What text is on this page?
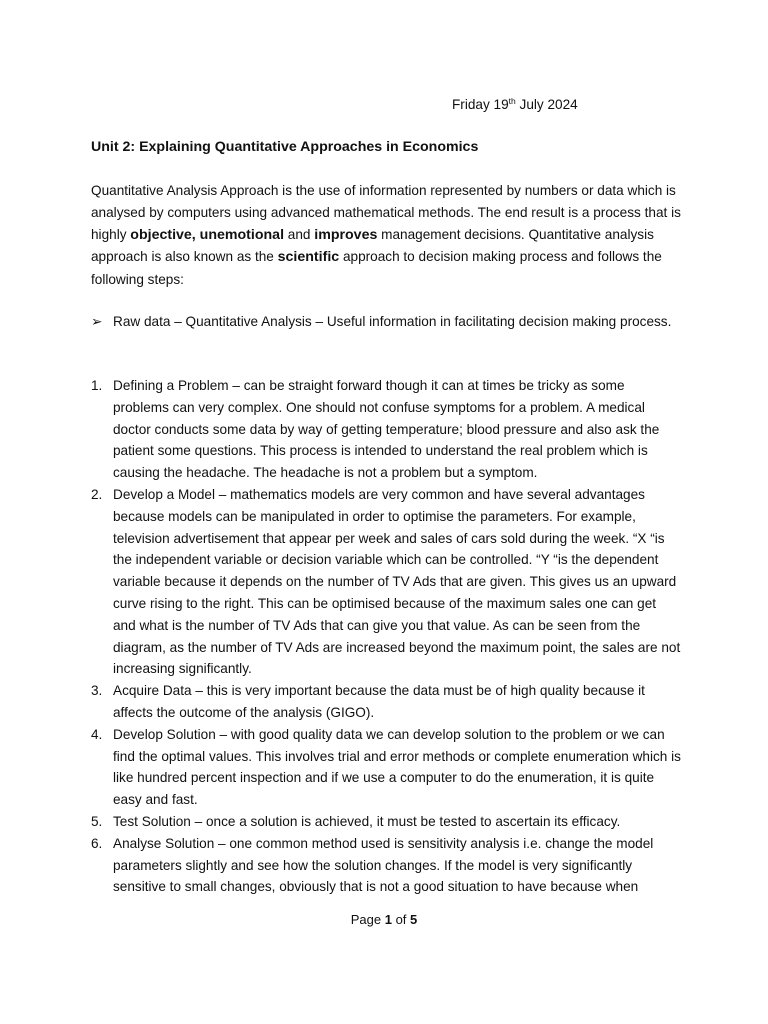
Friday 19th July 2024
Unit 2: Explaining Quantitative Approaches in Economics

Quantitative Analysis Approach is the use of information represented by numbers or data which is analysed by computers using advanced mathematical methods. The end result is a process that is highly objective, unemotional and improves management decisions. Quantitative analysis approach is also known as the scientific approach to decision making process and follows the following steps:

➢ Raw data – Quantitative Analysis – Useful information in facilitating decision making process.
1. Defining a Problem – can be straight forward though it can at times be tricky as some problems can very complex. One should not confuse symptoms for a problem. A medical doctor conducts some data by way of getting temperature; blood pressure and also ask the patient some questions. This process is intended to understand the real problem which is causing the headache. The headache is not a problem but a symptom.
2. Develop a Model – mathematics models are very common and have several advantages because models can be manipulated in order to optimise the parameters. For example, television advertisement that appear per week and sales of cars sold during the week. “X “is the independent variable or decision variable which can be controlled. “Y “is the dependent variable because it depends on the number of TV Ads that are given. This gives us an upward curve rising to the right. This can be optimised because of the maximum sales one can get and what is the number of TV Ads that can give you that value. As can be seen from the diagram, as the number of TV Ads are increased beyond the maximum point, the sales are not increasing significantly.
3. Acquire Data – this is very important because the data must be of high quality because it affects the outcome of the analysis (GIGO).
4. Develop Solution – with good quality data we can develop solution to the problem or we can find the optimal values. This involves trial and error methods or complete enumeration which is like hundred percent inspection and if we use a computer to do the enumeration, it is quite easy and fast.
5. Test Solution – once a solution is achieved, it must be tested to ascertain its efficacy.
6. Analyse Solution – one common method used is sensitivity analysis i.e. change the model parameters slightly and see how the solution changes. If the model is very significantly sensitive to small changes, obviously that is not a good situation to have because when
Page 1 of 5
